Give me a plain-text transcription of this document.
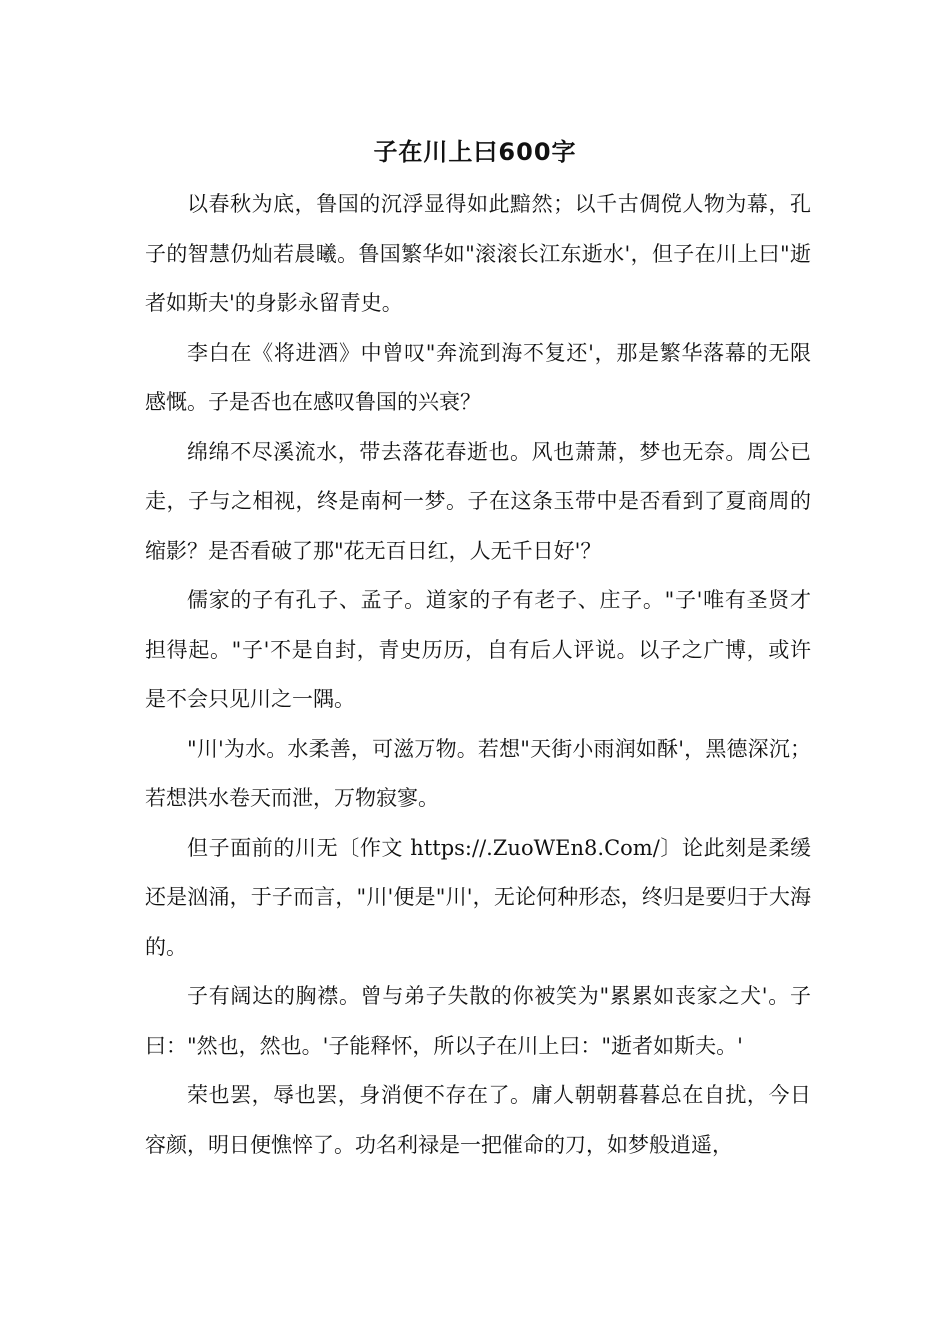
子在川上曰600字

以春秋为底，鲁国的沉浮显得如此黯然；以千古倜傥人物为幕，孔子的智慧仍灿若晨曦。鲁国繁华如"滚滚长江东逝水'，但子在川上曰"逝者如斯夫'的身影永留青史。

李白在《将进酒》中曾叹"奔流到海不复还'，那是繁华落幕的无限感慨。子是否也在感叹鲁国的兴衰？

绵绵不尽溪流水，带去落花春逝也。风也萧萧，梦也无奈。周公已走，子与之相视，终是南柯一梦。子在这条玉带中是否看到了夏商周的缩影？是否看破了那"花无百日红，人无千日好'？

儒家的子有孔子、孟子。道家的子有老子、庄子。"子'唯有圣贤才担得起。"子'不是自封，青史历历，自有后人评说。以子之广博，或许是不会只见川之一隅。

"川'为水。水柔善，可滋万物。若想"天街小雨润如酥'，黑德深沉；若想洪水卷天而泄，万物寂寥。

但子面前的川无〔作文 https://.ZuoWEn8.Com/〕论此刻是柔缓还是汹涌，于子而言，"川'便是"川'，无论何种形态，终归是要归于大海的。

子有阔达的胸襟。曾与弟子失散的你被笑为"累累如丧家之犬'。子曰："然也，然也。'子能释怀，所以子在川上曰："逝者如斯夫。'

荣也罢，辱也罢，身消便不存在了。庸人朝朝暮暮总在自扰，今日容颜，明日便憔悴了。功名利禄是一把催命的刀，如梦般逍遥，
